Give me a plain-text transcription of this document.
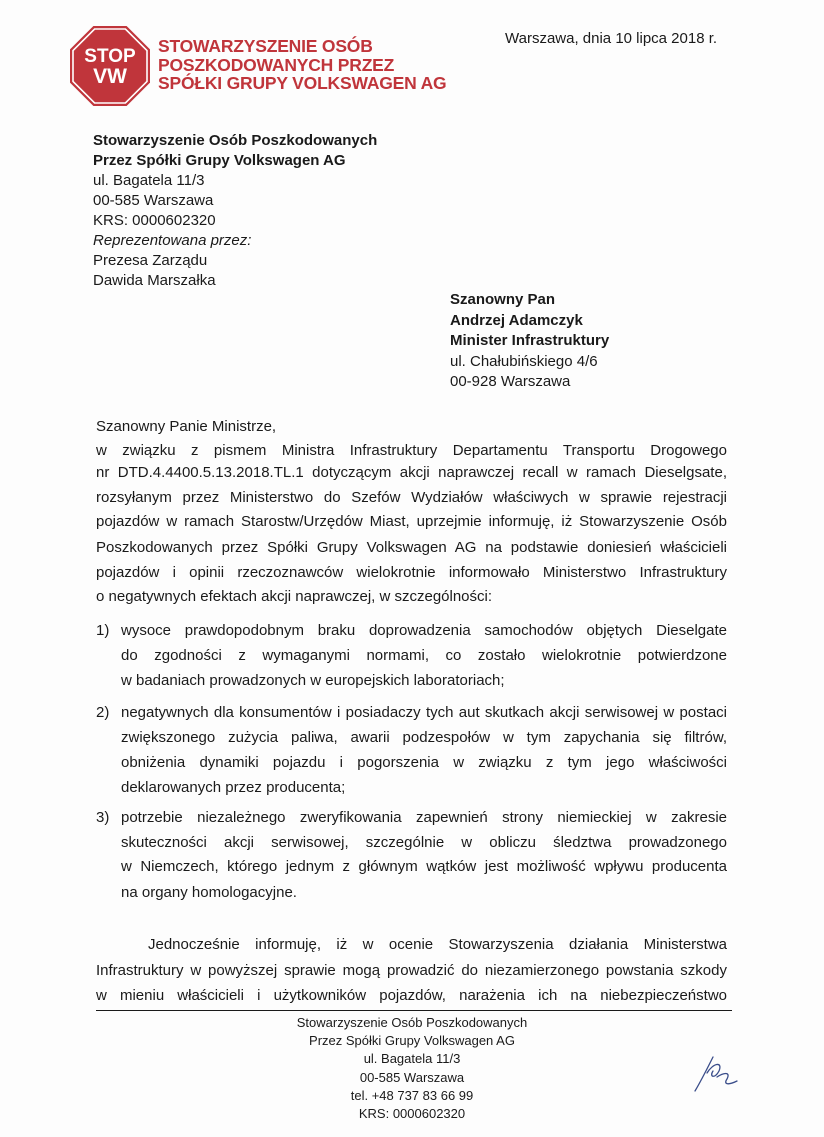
STOP
VW
STOWARZYSZENIE OSÓB
POSZKODOWANYCH PRZEZ
SPÓŁKI GRUPY VOLKSWAGEN AG
Warszawa, dnia 10 lipca 2018 r.
Stowarzyszenie Osób Poszkodowanych
Przez Spółki Grupy Volkswagen AG
ul. Bagatela 11/3
00-585 Warszawa
KRS: 0000602320
Reprezentowana przez:
Prezesa Zarządu
Dawida Marszałka
Szanowny Pan
Andrzej Adamczyk
Minister Infrastruktury
ul. Chałubińskiego 4/6
00-928 Warszawa
Szanowny Panie Ministrze,
w związku z pismem Ministra Infrastruktury Departamentu Transportu Drogowego
nr DTD.4.4400.5.13.2018.TL.1 dotyczącym akcji naprawczej recall w ramach Dieselgsate,
rozsyłanym przez Ministerstwo do Szefów Wydziałów właściwych w sprawie rejestracji
pojazdów w ramach Starostw/Urzędów Miast, uprzejmie informuję, iż Stowarzyszenie Osób
Poszkodowanych przez Spółki Grupy Volkswagen AG na podstawie doniesień właścicieli
pojazdów i opinii rzeczoznawców wielokrotnie informowało Ministerstwo Infrastruktury
o negatywnych efektach akcji naprawczej, w szczególności:
1) wysoce prawdopodobnym braku doprowadzenia samochodów objętych Dieselgate
do zgodności z wymaganymi normami, co zostało wielokrotnie potwierdzone
w badaniach prowadzonych w europejskich laboratoriach;
2) negatywnych dla konsumentów i posiadaczy tych aut skutkach akcji serwisowej w postaci
zwiększonego zużycia paliwa, awarii podzespołów w tym zapychania się filtrów,
obniżenia dynamiki pojazdu i pogorszenia w związku z tym jego właściwości
deklarowanych przez producenta;
3) potrzebie niezależnego zweryfikowania zapewnień strony niemieckiej w zakresie
skuteczności akcji serwisowej, szczególnie w obliczu śledztwa prowadzonego
w Niemczech, którego jednym z głównym wątków jest możliwość wpływu producenta
na organy homologacyjne.
Jednocześnie informuję, iż w ocenie Stowarzyszenia działania Ministerstwa
Infrastruktury w powyższej sprawie mogą prowadzić do niezamierzonego powstania szkody
w mieniu właścicieli i użytkowników pojazdów, narażenia ich na niebezpieczeństwo
Stowarzyszenie Osób Poszkodowanych
Przez Spółki Grupy Volkswagen AG
ul. Bagatela 11/3
00-585 Warszawa
tel. +48 737 83 66 99
KRS: 0000602320
